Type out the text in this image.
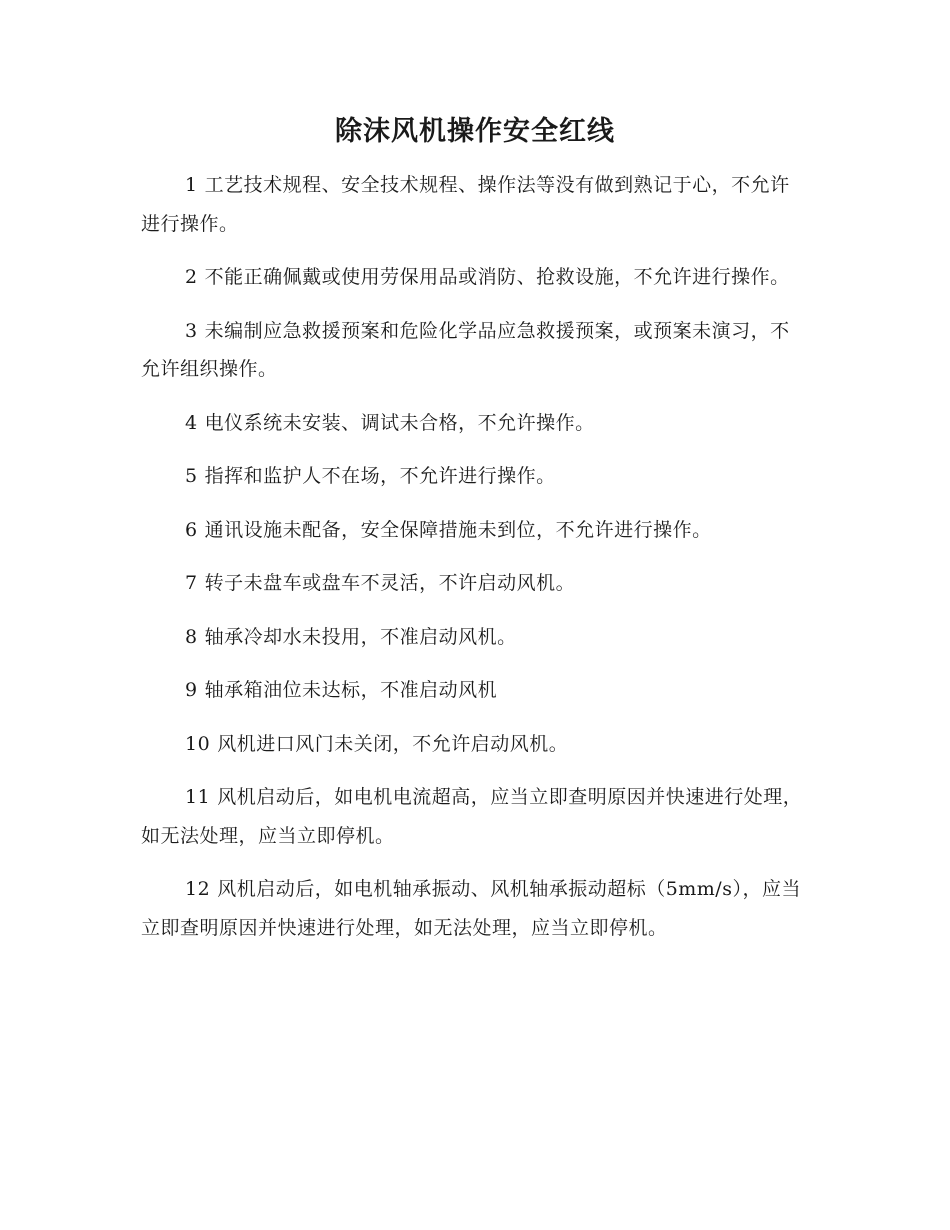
除沫风机操作安全红线

1 工艺技术规程、安全技术规程、操作法等没有做到熟记于心，不允许进行操作。

2 不能正确佩戴或使用劳保用品或消防、抢救设施，不允许进行操作。

3 未编制应急救援预案和危险化学品应急救援预案，或预案未演习，不允许组织操作。

4 电仪系统未安装、调试未合格，不允许操作。

5 指挥和监护人不在场，不允许进行操作。

6 通讯设施未配备，安全保障措施未到位，不允许进行操作。

7 转子未盘车或盘车不灵活，不许启动风机。

8 轴承冷却水未投用，不准启动风机。

9 轴承箱油位未达标，不准启动风机

10 风机进口风门未关闭，不允许启动风机。

11 风机启动后，如电机电流超高，应当立即查明原因并快速进行处理，如无法处理，应当立即停机。

12 风机启动后，如电机轴承振动、风机轴承振动超标（5mm/s），应当立即查明原因并快速进行处理，如无法处理，应当立即停机。
